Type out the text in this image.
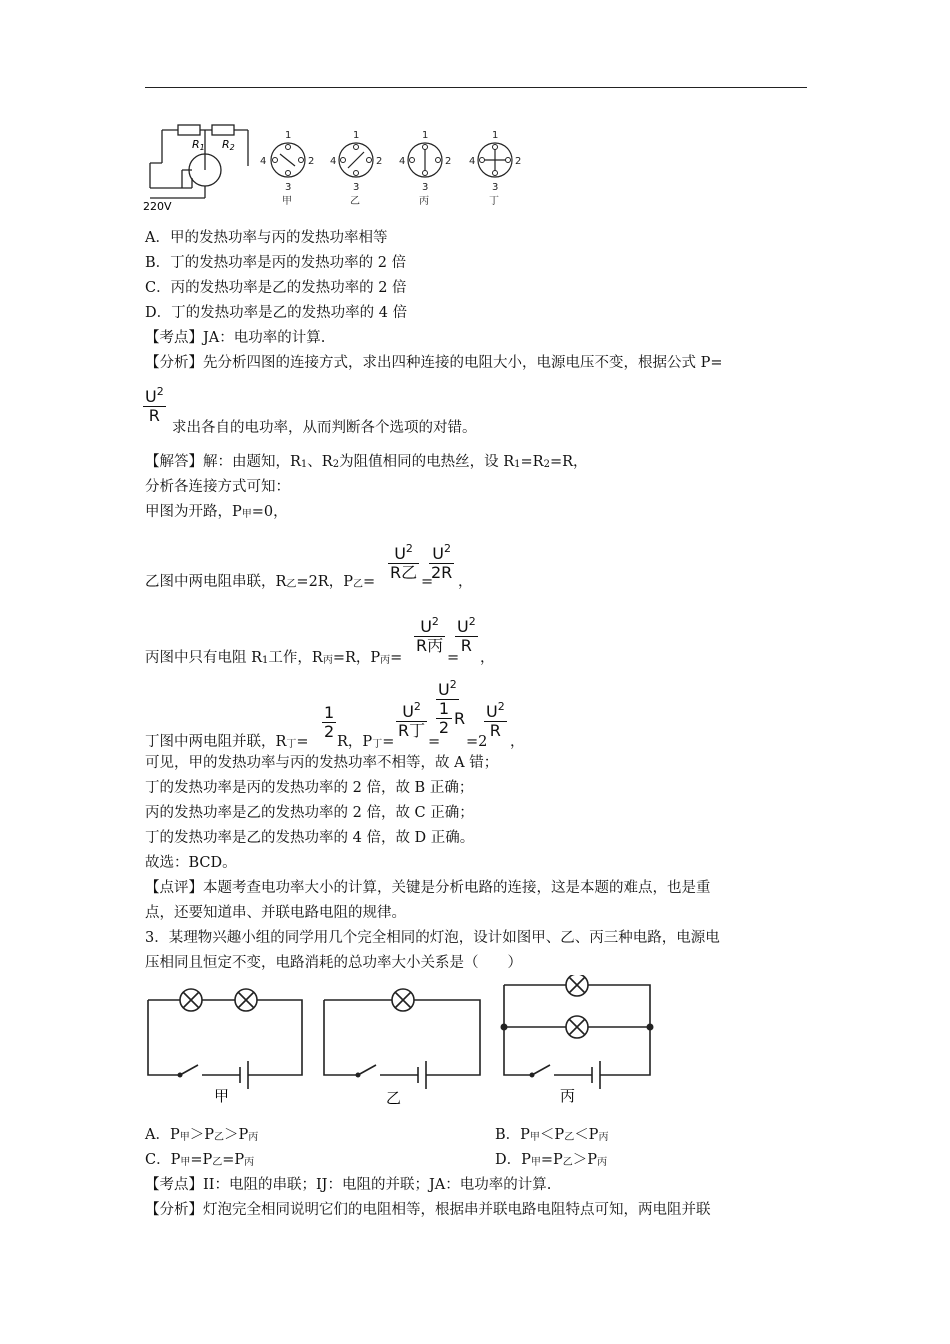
R1 R2
220V
1
2
3
4
1
2
3
4
1
2
3
4
1
2
3
4
甲	乙	丙	丁
A．甲的发热功率与丙的发热功率相等
B．丁的发热功率是丙的发热功率的 2 倍
C．丙的发热功率是乙的发热功率的 2 倍
D．丁的发热功率是乙的发热功率的 4 倍
【考点】JA：电功率的计算.
【分析】先分析四图的连接方式，求出四种连接的电阻大小，电源电压不变，根据公式 P=
$\frac{U^2}{R}$
求出各自的电功率，从而判断各个选项的对错。
【解答】解：由题知，R1、R2为阻值相同的电热丝，设 R1=R2=R，
分析各连接方式可知：
甲图为开路，P甲=0，
乙图中两电阻串联，R乙=2R，P乙=
$U^2$
R乙 =
$\frac{U^2}{2R}$ ，
丙图中只有电阻 R1工作，R丙=R，P丙=
$U^2$
R丙
=
$\frac{U^2}{R}$
，
丁图中两电阻并联，R丁=
$\frac{1}{2}$
R，P丁=
$U^2$
R丁
=
$U^2$
1
2 R
=2
$\frac{U^2}{R}$
，
可见，甲的发热功率与丙的发热功率不相等，故 A 错；
丁的发热功率是丙的发热功率的 2 倍，故 B 正确；
丙的发热功率是乙的发热功率的 2 倍，故 C 正确；
丁的发热功率是乙的发热功率的 4 倍，故 D 正确。
故选：BCD。
【点评】本题考查电功率大小的计算，关键是分析电路的连接，这是本题的难点，也是重
点，还要知道串、并联电路电阻的规律。
3．某理物兴趣小组的同学用几个完全相同的灯泡，设计如图甲、乙、丙三种电路，电源电
压相同且恒定不变，电路消耗的总功率大小关系是（　　）
甲	乙	丙
A．P甲＞P乙＞P丙	B．P甲＜P乙＜P丙
C．P甲=P乙=P丙	D．P甲=P乙＞P丙
【考点】II：电阻的串联；IJ：电阻的并联；JA：电功率的计算.
【分析】灯泡完全相同说明它们的电阻相等，根据串并联电路电阻特点可知，两电阻并联
